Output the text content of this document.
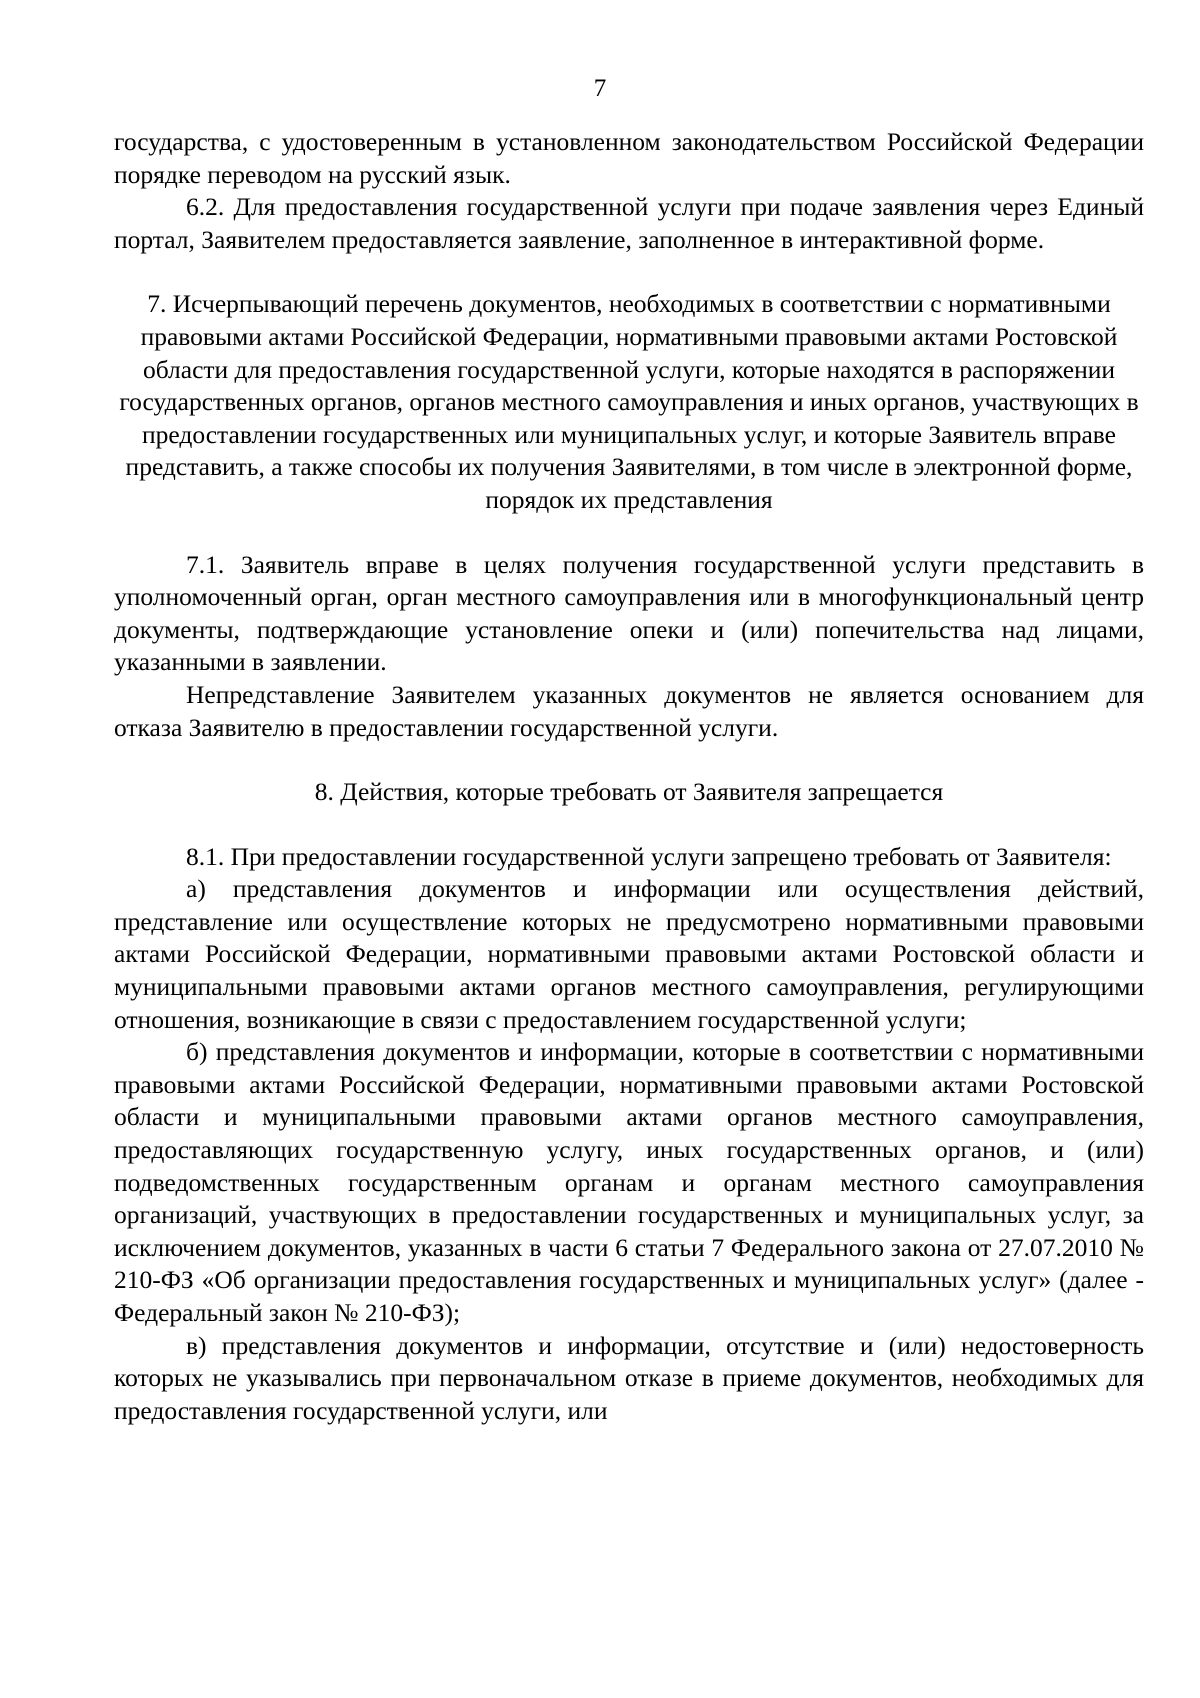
7

государства, с удостоверенным в установленном законодательством Российской Федерации порядке переводом на русский язык.

6.2. Для предоставления государственной услуги при подаче заявления через Единый портал, Заявителем предоставляется заявление, заполненное в интерактивной форме.

7. Исчерпывающий перечень документов, необходимых в соответствии с нормативными правовыми актами Российской Федерации, нормативными правовыми актами Ростовской области для предоставления государственной услуги, которые находятся в распоряжении государственных органов, органов местного самоуправления и иных органов, участвующих в предоставлении государственных или муниципальных услуг, и которые Заявитель вправе представить, а также способы их получения Заявителями, в том числе в электронной форме, порядок их представления

7.1. Заявитель вправе в целях получения государственной услуги представить в уполномоченный орган, орган местного самоуправления или в многофункциональный центр документы, подтверждающие установление опеки и (или) попечительства над лицами, указанными в заявлении.

Непредставление Заявителем указанных документов не является основанием для отказа Заявителю в предоставлении государственной услуги.

8. Действия, которые требовать от Заявителя запрещается

8.1. При предоставлении государственной услуги запрещено требовать от Заявителя:

а) представления документов и информации или осуществления действий, представление или осуществление которых не предусмотрено нормативными правовыми актами Российской Федерации, нормативными правовыми актами Ростовской области и муниципальными правовыми актами органов местного самоуправления, регулирующими отношения, возникающие в связи с предоставлением государственной услуги;

б) представления документов и информации, которые в соответствии с нормативными правовыми актами Российской Федерации, нормативными правовыми актами Ростовской области и муниципальными правовыми актами органов местного самоуправления, предоставляющих государственную услугу, иных государственных органов, и (или) подведомственных государственным органам и органам местного самоуправления организаций, участвующих в предоставлении государственных и муниципальных услуг, за исключением документов, указанных в части 6 статьи 7 Федерального закона от 27.07.2010 № 210-ФЗ «Об организации предоставления государственных и муниципальных услуг» (далее - Федеральный закон № 210-ФЗ);

в) представления документов и информации, отсутствие и (или) недостоверность которых не указывались при первоначальном отказе в приеме документов, необходимых для предоставления государственной услуги, или
